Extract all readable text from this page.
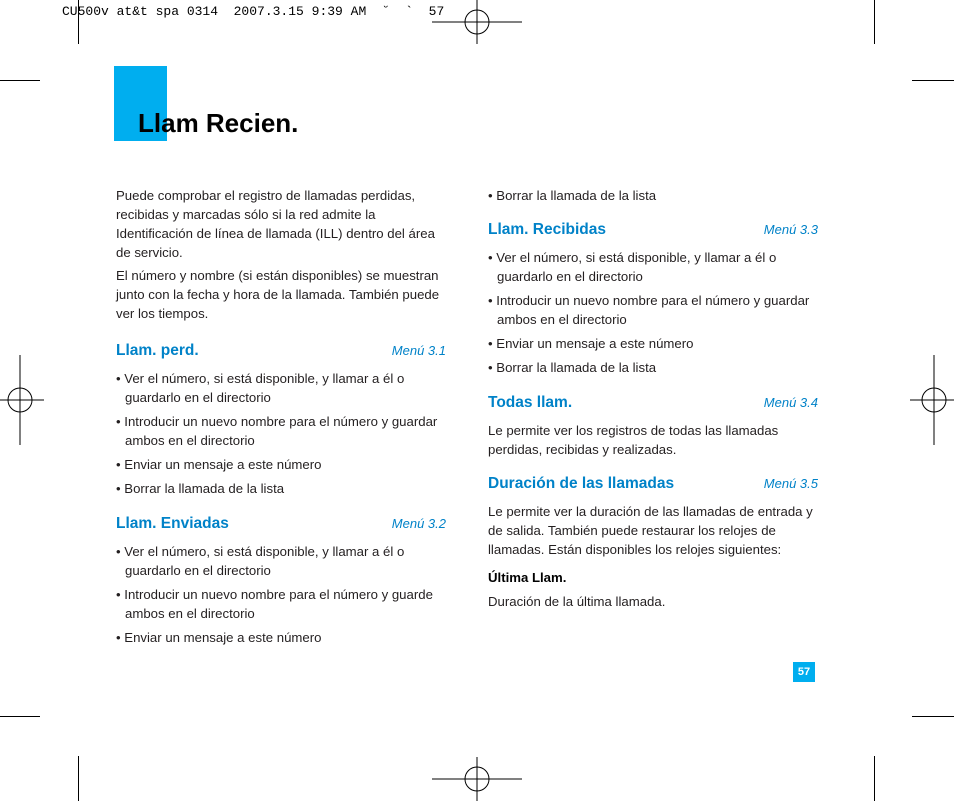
CU500v at&t spa 0314  2007.3.15 9:39 AM  ˘  `  57
Llam Recien.

Puede comprobar el registro de llamadas perdidas, recibidas y marcadas sólo si la red admite la Identificación de línea de llamada (ILL) dentro del área de servicio.

El número y nombre (si están disponibles) se muestran junto con la fecha y hora de la llamada. También puede ver los tiempos.

Llam. perd.	Menú 3.1

• Ver el número, si está disponible, y llamar a él o guardarlo en el directorio

• Introducir un nuevo nombre para el número y guardar ambos en el directorio

• Enviar un mensaje a este número

• Borrar la llamada de la lista

Llam. Enviadas	Menú 3.2

• Ver el número, si está disponible, y llamar a él o guardarlo en el directorio

• Introducir un nuevo nombre para el número y guarde ambos en el directorio

• Enviar un mensaje a este número

• Borrar la llamada de la lista

Llam. Recibidas	Menú 3.3

• Ver el número, si está disponible, y llamar a él o guardarlo en el directorio

• Introducir un nuevo nombre para el número y guardar ambos en el directorio

• Enviar un mensaje a este número

• Borrar la llamada de la lista

Todas llam.	Menú 3.4

Le permite ver los registros de todas las llamadas perdidas, recibidas y realizadas.

Duración de las llamadas	Menú 3.5

Le permite ver la duración de las llamadas de entrada y de salida. También puede restaurar los relojes de llamadas. Están disponibles los relojes siguientes:

Última Llam.

Duración de la última llamada.

57
